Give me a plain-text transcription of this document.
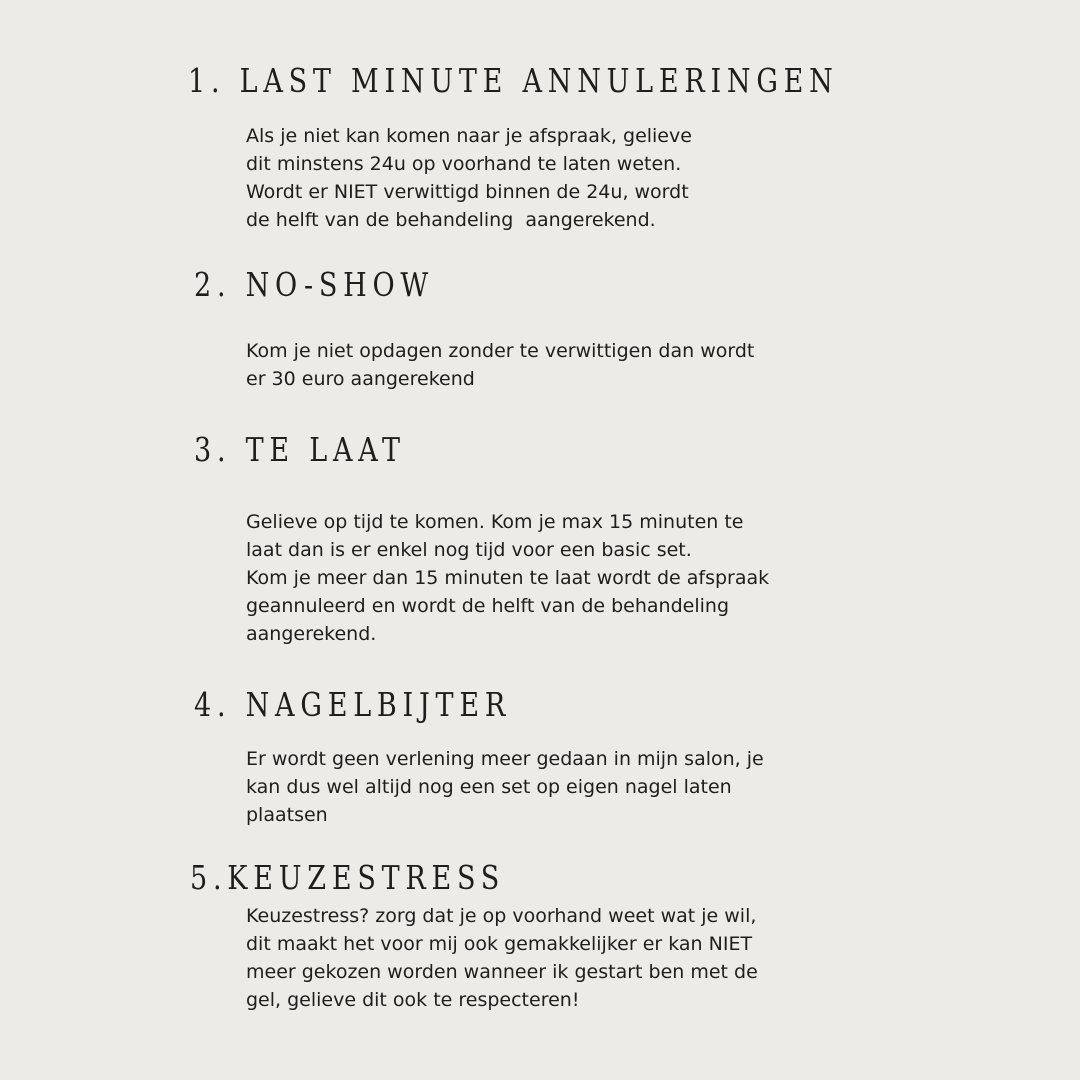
1. LAST MINUTE ANNULERINGEN

Als je niet kan komen naar je afspraak, gelieve
dit minstens 24u op voorhand te laten weten.
Wordt er NIET verwittigd binnen de 24u, wordt
de helft van de behandeling  aangerekend.

2. NO-SHOW

Kom je niet opdagen zonder te verwittigen dan wordt
er 30 euro aangerekend

3. TE LAAT

Gelieve op tijd te komen. Kom je max 15 minuten te
laat dan is er enkel nog tijd voor een basic set.
Kom je meer dan 15 minuten te laat wordt de afspraak
geannuleerd en wordt de helft van de behandeling
aangerekend.

4. NAGELBIJTER

Er wordt geen verlening meer gedaan in mijn salon, je
kan dus wel altijd nog een set op eigen nagel laten
plaatsen

5.KEUZESTRESS

Keuzestress? zorg dat je op voorhand weet wat je wil,
dit maakt het voor mij ook gemakkelijker er kan NIET
meer gekozen worden wanneer ik gestart ben met de
gel, gelieve dit ook te respecteren!
